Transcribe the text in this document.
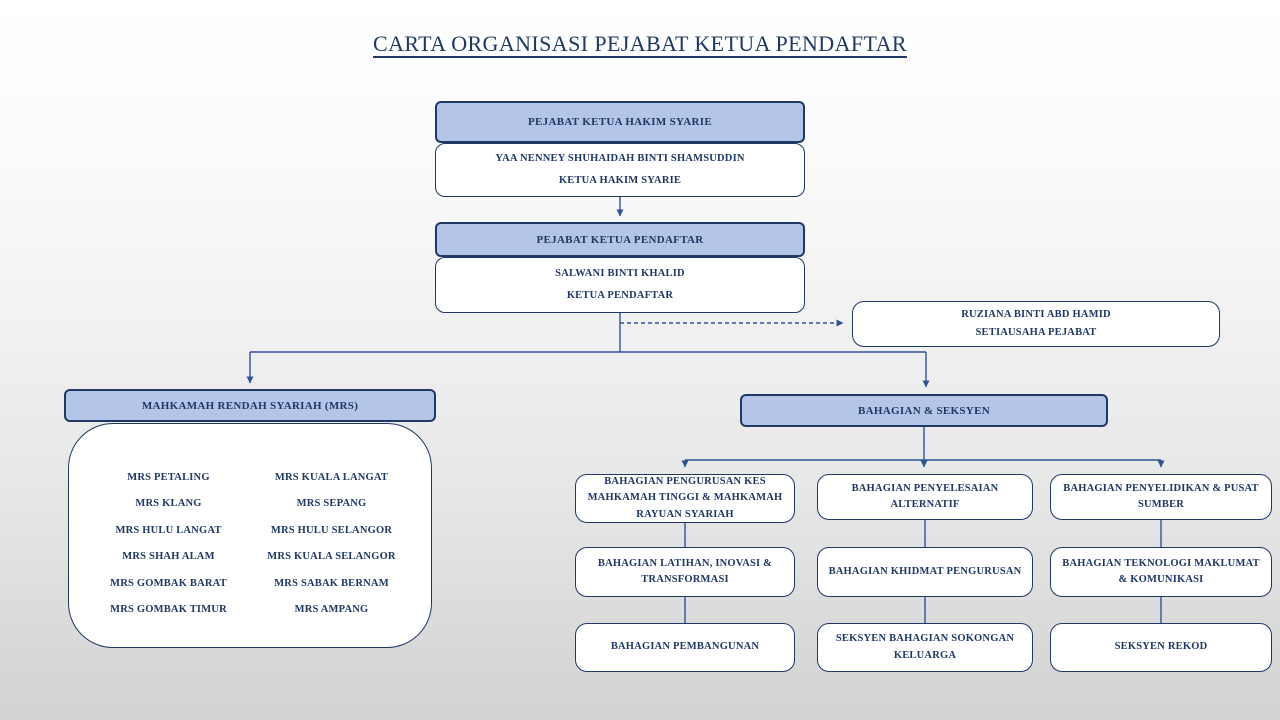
CARTA ORGANISASI PEJABAT KETUA PENDAFTAR
PEJABAT KETUA HAKIM SYARIE
YAA NENNEY SHUHAIDAH BINTI SHAMSUDDIN
KETUA HAKIM SYARIE
PEJABAT KETUA PENDAFTAR
SALWANI BINTI KHALID
KETUA PENDAFTAR
RUZIANA BINTI ABD HAMID
SETIAUSAHA PEJABAT
MAHKAMAH RENDAH SYARIAH (MRS)
MRS PETALING
MRS KLANG
MRS HULU LANGAT
MRS SHAH ALAM
MRS GOMBAK BARAT
MRS GOMBAK TIMUR
MRS KUALA LANGAT
MRS SEPANG
MRS HULU SELANGOR
MRS KUALA SELANGOR
MRS SABAK BERNAM
MRS AMPANG
BAHAGIAN & SEKSYEN
BAHAGIAN PENGURUSAN KES MAHKAMAH TINGGI & MAHKAMAH RAYUAN SYARIAH
BAHAGIAN LATIHAN, INOVASI & TRANSFORMASI
BAHAGIAN PEMBANGUNAN
BAHAGIAN PENYELESAIAN ALTERNATIF
BAHAGIAN KHIDMAT PENGURUSAN
SEKSYEN BAHAGIAN SOKONGAN KELUARGA
BAHAGIAN PENYELIDIKAN & PUSAT SUMBER
BAHAGIAN TEKNOLOGI MAKLUMAT & KOMUNIKASI
SEKSYEN REKOD
